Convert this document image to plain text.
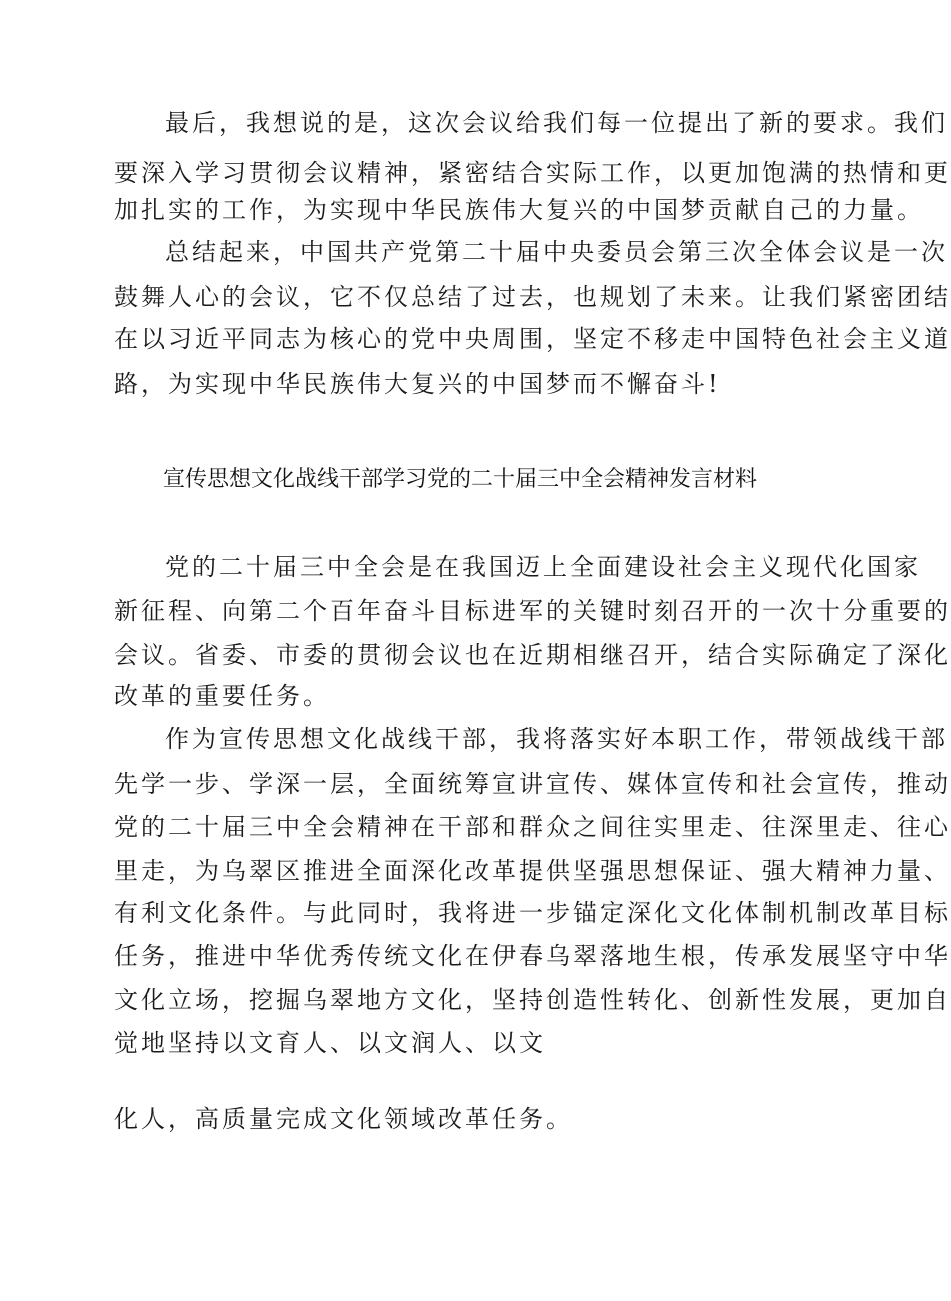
最后，我想说的是，这次会议给我们每一位提出了新的要求。我们
要深入学习贯彻会议精神，紧密结合实际工作，以更加饱满的热情和更
加扎实的工作，为实现中华民族伟大复兴的中国梦贡献自己的力量。
总结起来，中国共产党第二十届中央委员会第三次全体会议是一次
鼓舞人心的会议，它不仅总结了过去，也规划了未来。让我们紧密团结
在以习近平同志为核心的党中央周围，坚定不移走中国特色社会主义道
路，为实现中华民族伟大复兴的中国梦而不懈奋斗!
宣传思想文化战线干部学习党的二十届三中全会精神发言材料
党的二十届三中全会是在我国迈上全面建设社会主义现代化国家
新征程、向第二个百年奋斗目标进军的关键时刻召开的一次十分重要的
会议。省委、市委的贯彻会议也在近期相继召开，结合实际确定了深化
改革的重要任务。
作为宣传思想文化战线干部，我将落实好本职工作，带领战线干部
先学一步、学深一层，全面统筹宣讲宣传、媒体宣传和社会宣传，推动
党的二十届三中全会精神在干部和群众之间往实里走、往深里走、往心
里走，为乌翠区推进全面深化改革提供坚强思想保证、强大精神力量、
有利文化条件。与此同时，我将进一步锚定深化文化体制机制改革目标
任务，推进中华优秀传统文化在伊春乌翠落地生根，传承发展坚守中华
文化立场，挖掘乌翠地方文化，坚持创造性转化、创新性发展，更加自
觉地坚持以文育人、以文润人、以文
化人，高质量完成文化领域改革任务。
